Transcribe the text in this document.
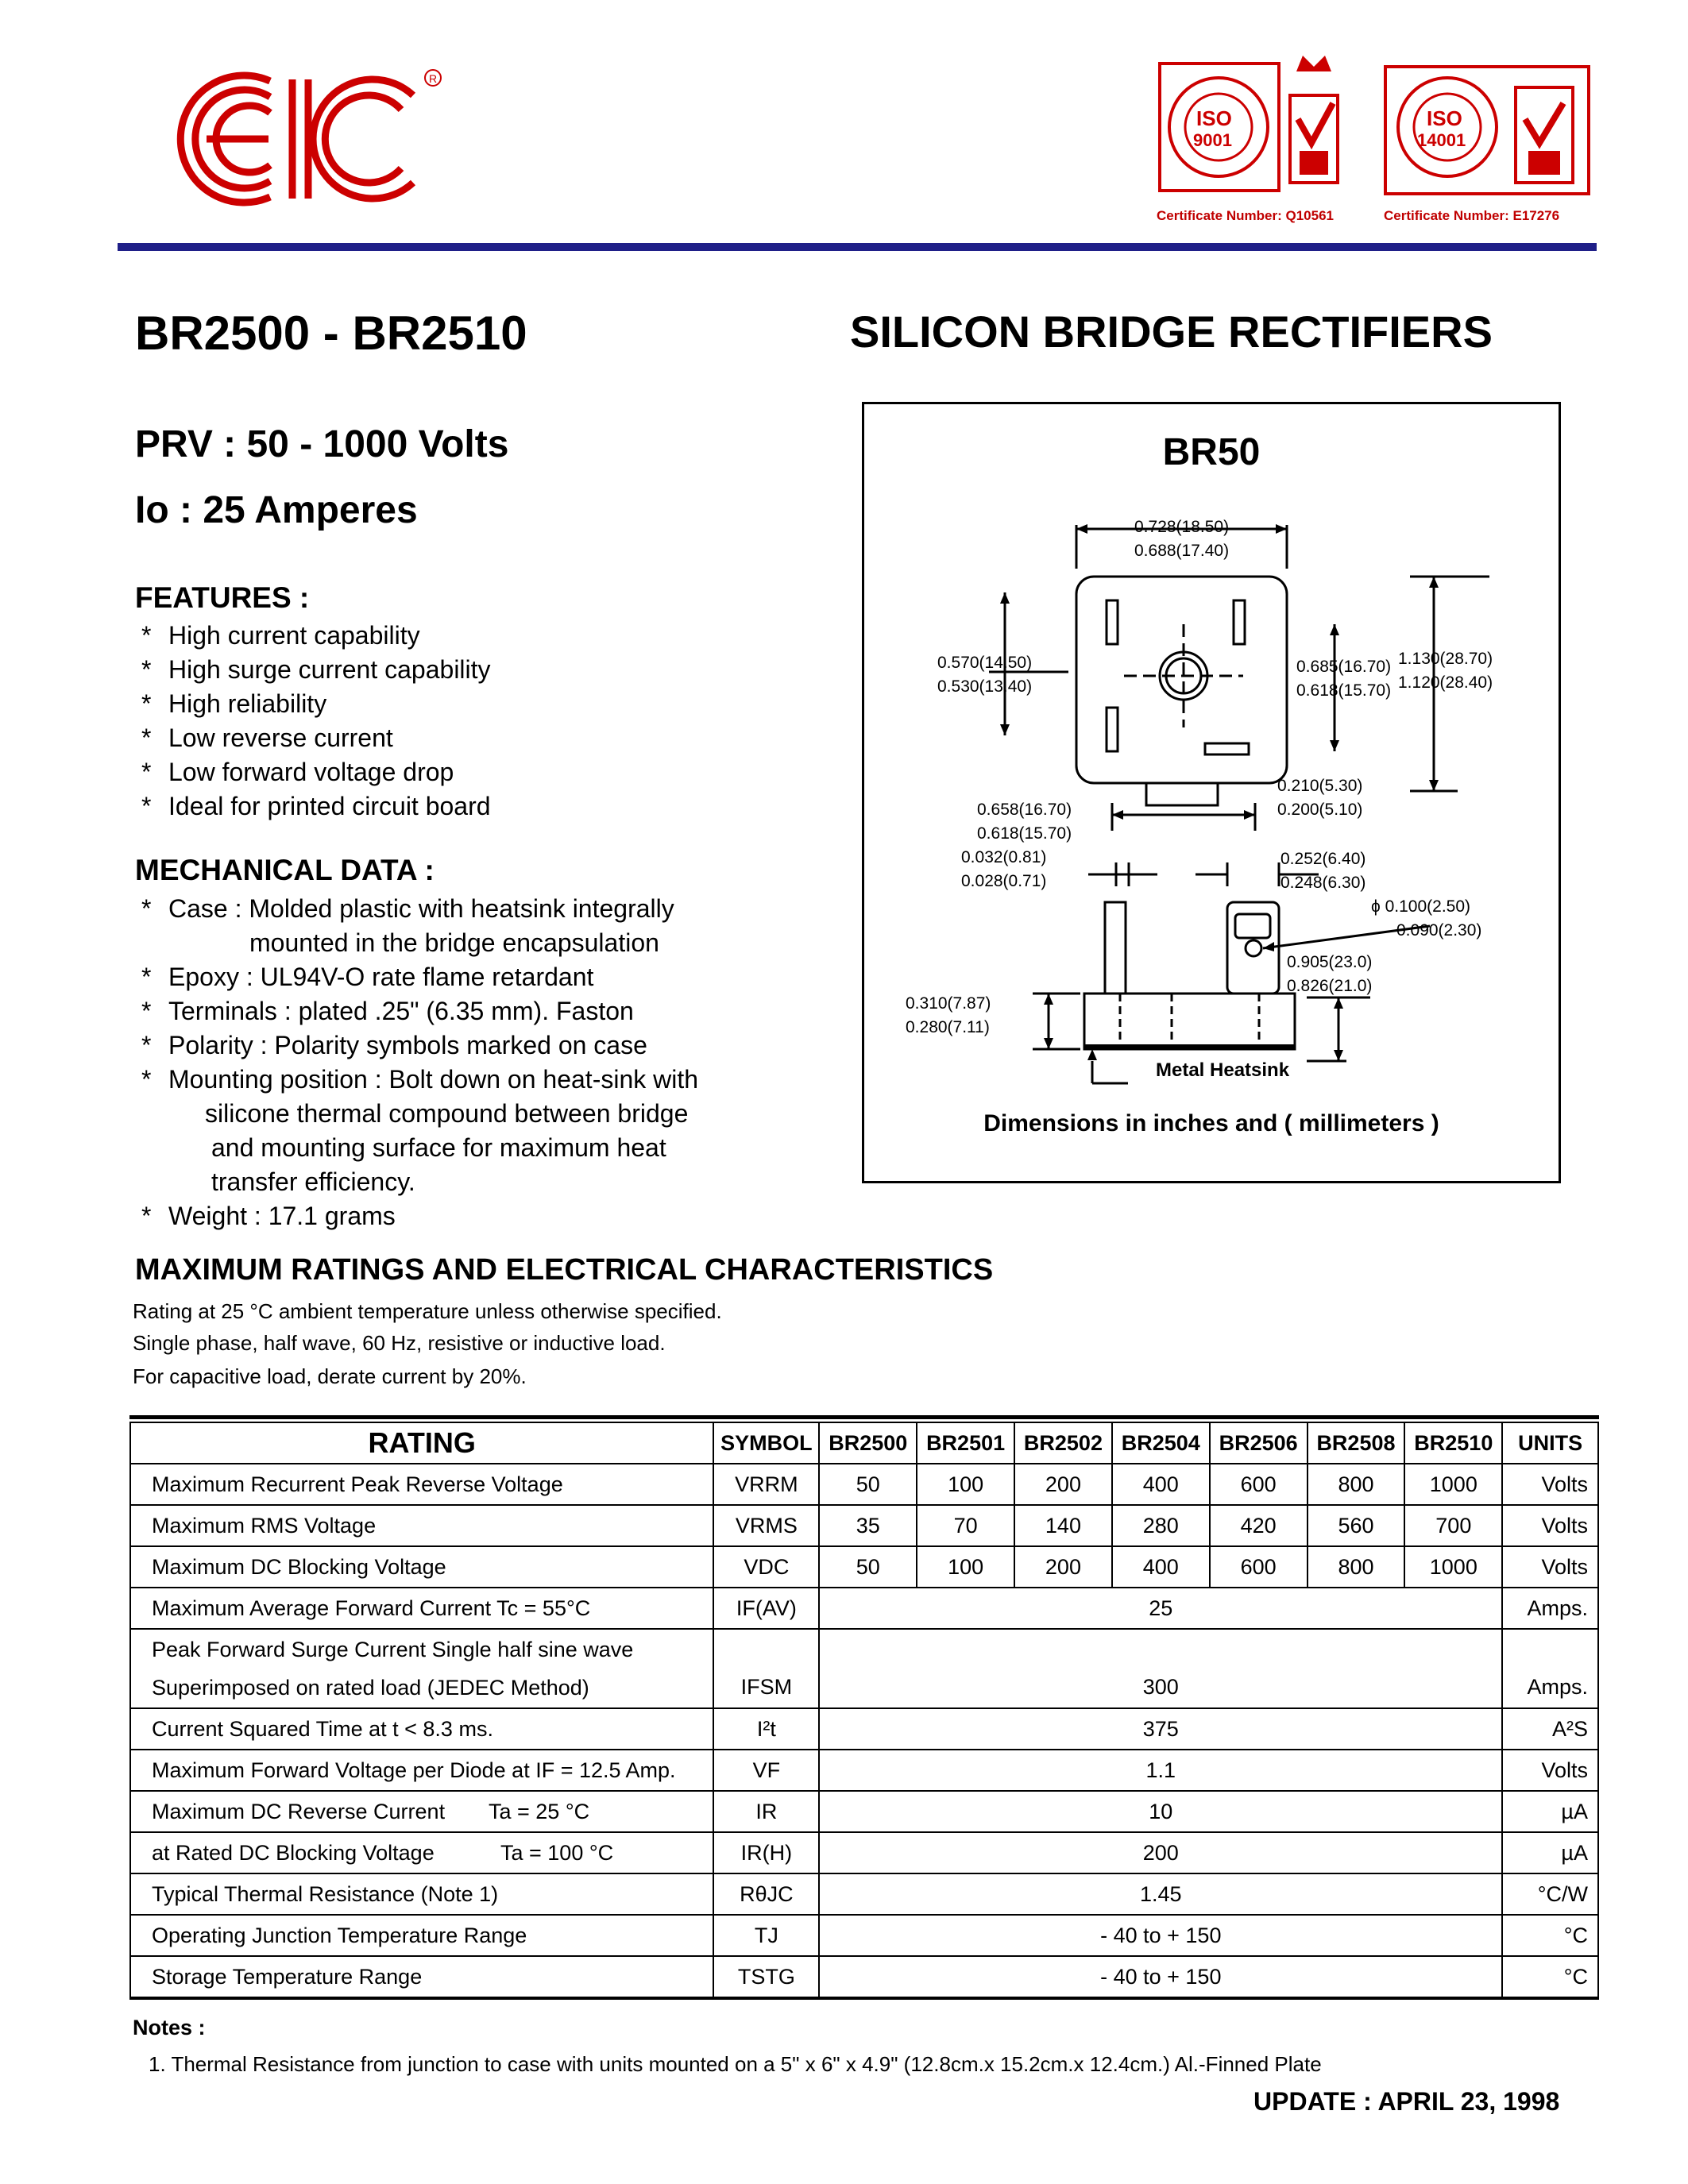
R
ISO
9001
ISO
14001
Certificate Number: Q10561	Certificate Number: E17276
BR2500 - BR2510	SILICON BRIDGE RECTIFIERS
PRV : 50 - 1000 Volts
Io : 25 Amperes
FEATURES :
* High current capability
* High surge current capability
* High reliability
* Low reverse current
* Low forward voltage drop
* Ideal for printed circuit board
MECHANICAL DATA :
* Case : Molded plastic with heatsink integrally
mounted in the bridge encapsulation
* Epoxy : UL94V-O rate flame retardant
* Terminals : plated .25" (6.35 mm). Faston
* Polarity : Polarity symbols marked on case
* Mounting position : Bolt down on heat-sink with
silicone thermal compound between bridge
and mounting surface for maximum heat
transfer efficiency.
* Weight : 17.1 grams
BR50
0.728(18.50)
0.688(17.40)
0.570(14.50)
0.530(13.40)
0.685(16.70)
0.618(15.70)
1.130(28.70)
1.120(28.40)
0.210(5.30)
0.200(5.10)
0.658(16.70)
0.618(15.70)
0.032(0.81)
0.028(0.71)
0.252(6.40)
0.248(6.30)
ϕ 0.100(2.50)
0.090(2.30)
0.905(23.0)
0.826(21.0)
0.310(7.87)
0.280(7.11)
Metal Heatsink
Dimensions in inches and ( millimeters )
MAXIMUM RATINGS AND ELECTRICAL CHARACTERISTICS
Rating at 25 °C ambient temperature unless otherwise specified.
Single phase, half wave, 60 Hz, resistive or inductive load.
For capacitive load, derate current by 20%.
RATING	SYMBOL	BR2500	BR2501	BR2502	BR2504	BR2506	BR2508	BR2510	UNITS
Maximum Recurrent Peak Reverse Voltage	VRRM	50	100	200	400	600	800	1000	Volts
Maximum RMS Voltage	VRMS	35	70	140	280	420	560	700	Volts
Maximum DC Blocking Voltage	VDC	50	100	200	400	600	800	1000	Volts
Maximum Average Forward Current Tc = 55°C	IF(AV)	25							Amps.
Peak Forward Surge Current Single half sine wave
Superimposed on rated load (JEDEC Method)	IFSM	300							Amps.
Current Squared Time at t < 8.3 ms.	I²t	375							A²S
Maximum Forward Voltage per Diode at IF = 12.5 Amp.	VF	1.1							Volts
Maximum DC Reverse Current Ta = 25 °C	IR	10							µA
at Rated DC Blocking Voltage Ta = 100 °C	IR(H)	200							µA
Typical Thermal Resistance (Note 1)	RθJC	1.45							°C/W
Operating Junction Temperature Range	TJ	- 40 to + 150							°C
Storage Temperature Range	TSTG	- 40 to + 150							°C
Notes :
1. Thermal Resistance from junction to case with units mounted on a 5" x 6" x 4.9" (12.8cm.x 15.2cm.x 12.4cm.) Al.-Finned Plate
UPDATE : APRIL 23, 1998
